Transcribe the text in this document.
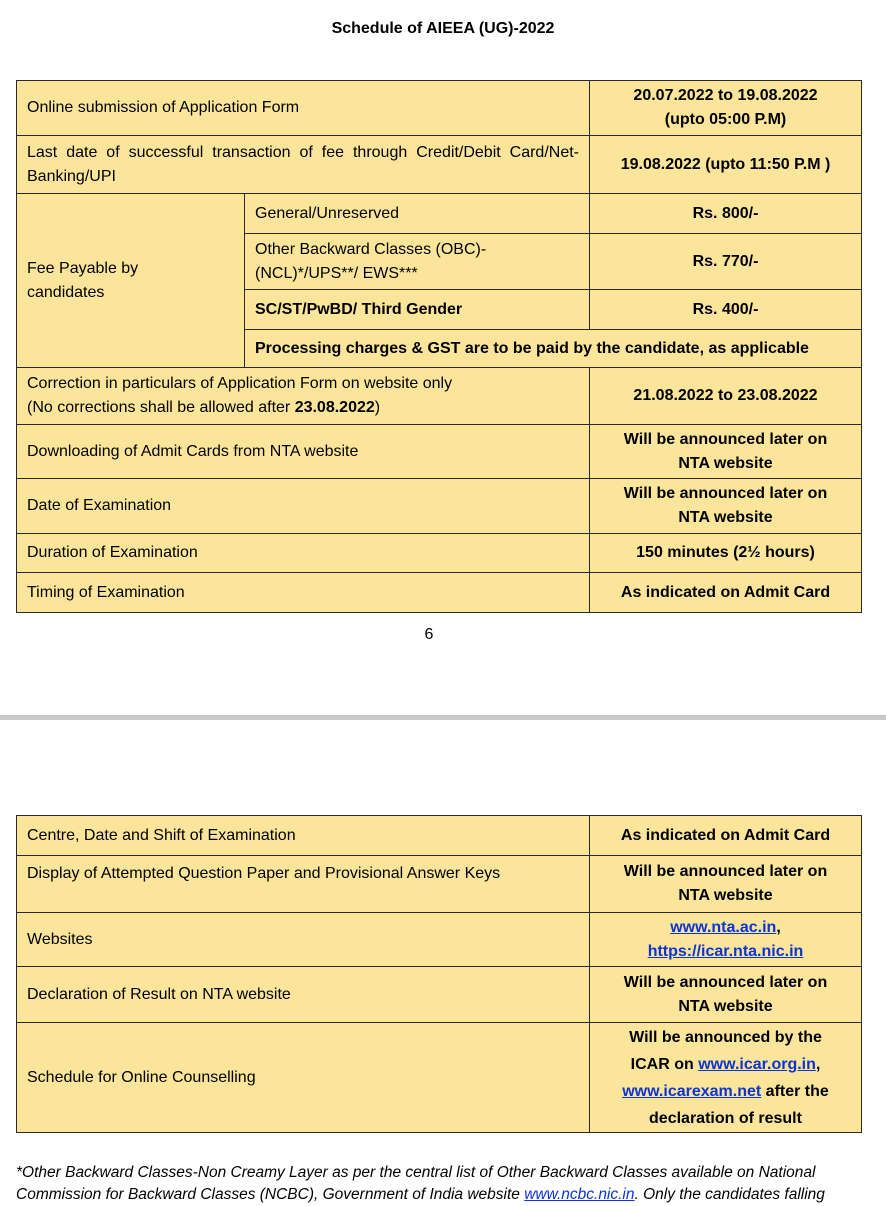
Schedule of AIEEA (UG)-2022
Online submission of Application Form		20.07.2022 to 19.08.2022
(upto 05:00 P.M)

Last date of successful transaction of fee through Credit/Debit Card/Net-Banking/UPI		19.08.2022 (upto 11:50 P.M )

Fee Payable by
candidates	General/Unreserved	Rs. 800/-
	Other Backward Classes (OBC)-(NCL)*/UPS**/ EWS***	Rs. 770/-
	SC/ST/PwBD/ Third Gender	Rs. 400/-
	Processing charges & GST are to be paid by the candidate, as applicable	

Correction in particulars of Application Form on website only
(No corrections shall be allowed after 23.08.2022)		21.08.2022 to 23.08.2022
Downloading of Admit Cards from NTA website		Will be announced later on
NTA website

Date of Examination		Will be announced later on
NTA website

Duration of Examination		150 minutes (2½ hours)
Timing of Examination		As indicated on Admit Card
6
Centre, Date and Shift of Examination	As indicated on Admit Card
Display of Attempted Question Paper and Provisional Answer Keys	Will be announced later on
NTA website

Websites	www.nta.ac.in,
https://icar.nta.nic.in

Declaration of Result on NTA website	Will be announced later on
NTA website

Schedule for Online Counselling	Will be announced by the
ICAR on www.icar.org.in,
www.icarexam.net after the
declaration of result
*Other Backward Classes-Non Creamy Layer as per the central list of Other Backward Classes available on National
Commission for Backward Classes (NCBC), Government of India website www.ncbc.nic.in. Only the candidates falling
